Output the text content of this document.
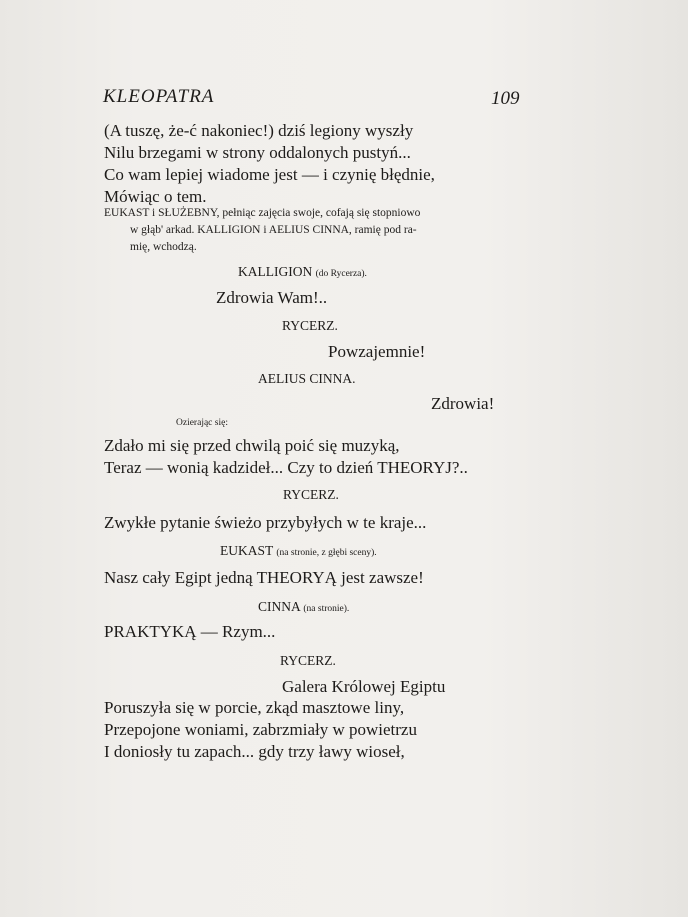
KLEOPATRA	109
(A tuszę, że-ć nakoniec!) dziś legiony wyszły
Nilu brzegami w strony oddalonych pustyń...
Co wam lepiej wiadome jest — i czynię błędnie,
Mówiąc o tem.
EUKAST i SŁUŻEBNY, pełniąc zajęcia swoje, cofają się stopniowo
w głąb' arkad. KALLIGION i AELIUS CINNA, ramię pod ra-
mię, wchodzą.
KALLIGION (do Rycerza).
Zdrowia Wam!..
RYCERZ.
Powzajemnie!
AELIUS CINNA.
Zdrowia!
Ozierając się:
Zdało mi się przed chwilą poić się muzyką,
Teraz — wonią kadzideł... Czy to dzień THEORYJ?..
RYCERZ.
Zwykłe pytanie świeżo przybyłych w te kraje...
EUKAST (na stronie, z głębi sceny).
Nasz cały Egipt jedną THEORYĄ jest zawsze!
CINNA (na stronie).
PRAKTYKĄ — Rzym...
RYCERZ.
Galera Królowej Egiptu
Poruszyła się w porcie, zkąd masztowe liny,
Przepojone woniami, zabrzmiały w powietrzu
I doniosły tu zapach... gdy trzy ławy wioseł,
